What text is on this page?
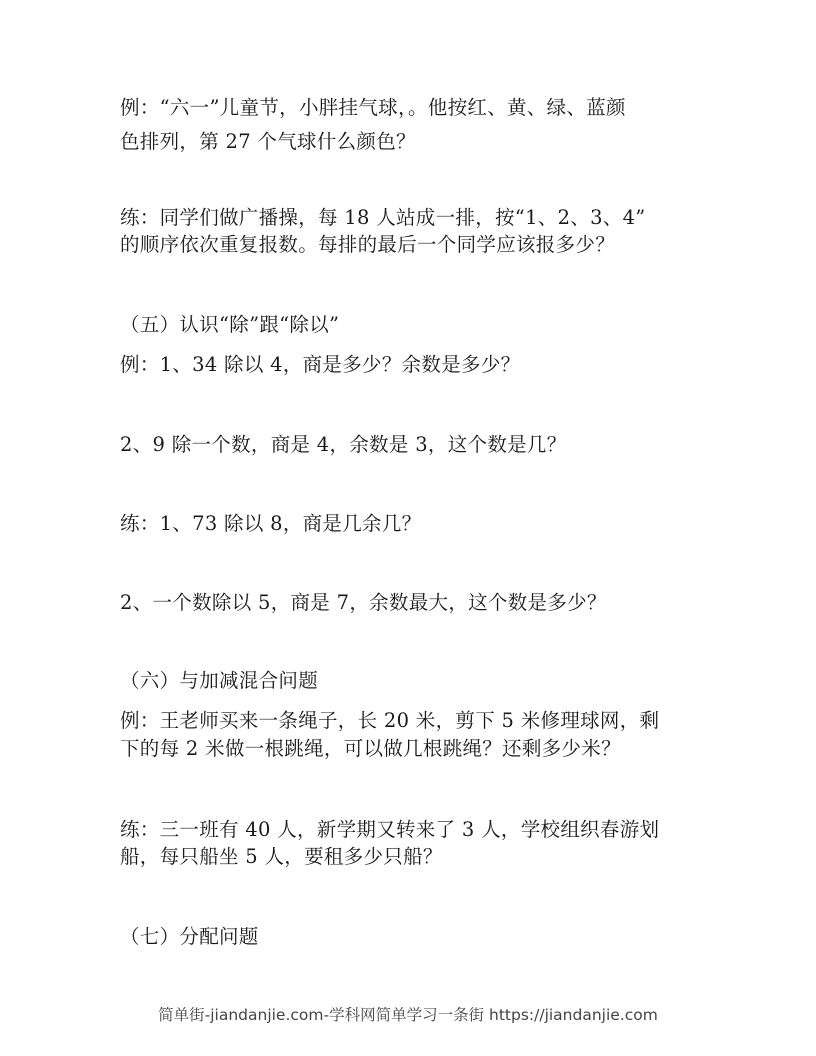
例：“六一”儿童节，小胖挂气球，。他按红、黄、绿、蓝颜
色排列，第 27 个气球什么颜色？
练：同学们做广播操，每 18 人站成一排，按“1、2、3、4”
的顺序依次重复报数。每排的最后一个同学应该报多少？
（五）认识“除”跟“除以”
例：1、34 除以 4，商是多少？余数是多少？
2、9 除一个数，商是 4，余数是 3，这个数是几？
练：1、73 除以 8，商是几余几？
2、一个数除以 5，商是 7，余数最大，这个数是多少？
（六）与加减混合问题
例：王老师买来一条绳子，长 20 米，剪下 5 米修理球网，剩
下的每 2 米做一根跳绳，可以做几根跳绳？还剩多少米？
练：三一班有 40 人，新学期又转来了 3 人，学校组织春游划
船，每只船坐 5 人，要租多少只船？
（七）分配问题
简单街-jiandanjie.com-学科网简单学习一条街 https://jiandanjie.com
